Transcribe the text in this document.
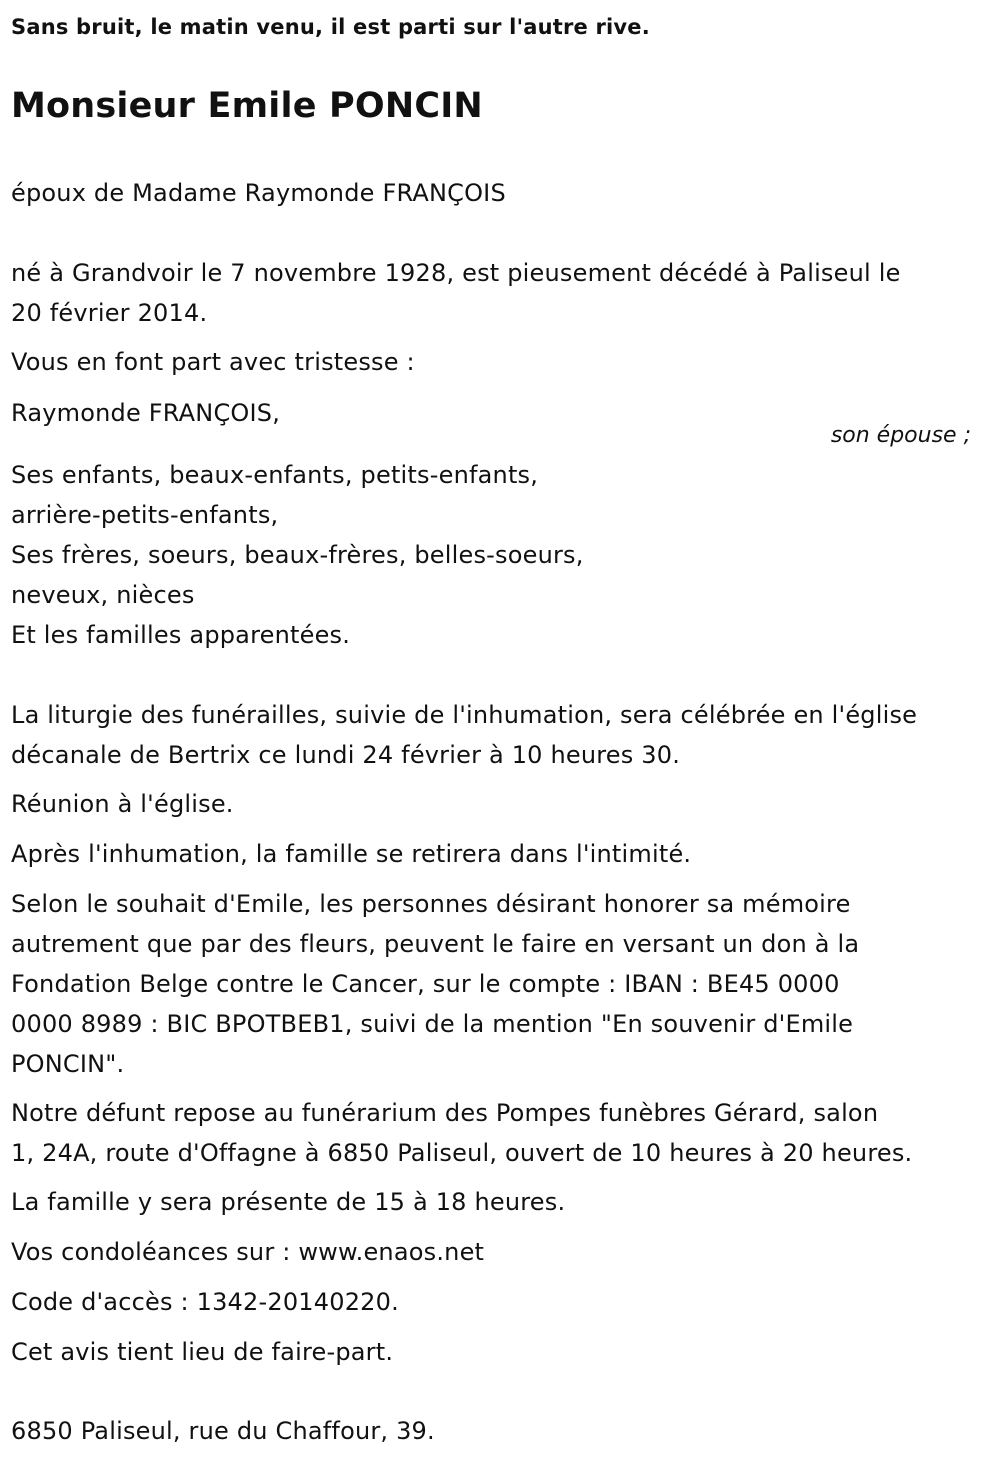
Sans bruit, le matin venu, il est parti sur l'autre rive.
Monsieur Emile PONCIN
époux de Madame Raymonde FRANÇOIS
né à Grandvoir le 7 novembre 1928, est pieusement décédé à Paliseul le
20 février 2014.
Vous en font part avec tristesse :
Raymonde FRANÇOIS,
son épouse ;
Ses enfants, beaux-enfants, petits-enfants,
arrière-petits-enfants,
Ses frères, soeurs, beaux-frères, belles-soeurs,
neveux, nièces
Et les familles apparentées.
La liturgie des funérailles, suivie de l'inhumation, sera célébrée en l'église
décanale de Bertrix ce lundi 24 février à 10 heures 30.
Réunion à l'église.
Après l'inhumation, la famille se retirera dans l'intimité.
Selon le souhait d'Emile, les personnes désirant honorer sa mémoire
autrement que par des fleurs, peuvent le faire en versant un don à la
Fondation Belge contre le Cancer, sur le compte : IBAN : BE45 0000
0000 8989 : BIC BPOTBEB1, suivi de la mention "En souvenir d'Emile
PONCIN".
Notre défunt repose au funérarium des Pompes funèbres Gérard, salon
1, 24A, route d'Offagne à 6850 Paliseul, ouvert de 10 heures à 20 heures.
La famille y sera présente de 15 à 18 heures.
Vos condoléances sur : www.enaos.net
Code d'accès : 1342-20140220.
Cet avis tient lieu de faire-part.
6850 Paliseul, rue du Chaffour, 39.
